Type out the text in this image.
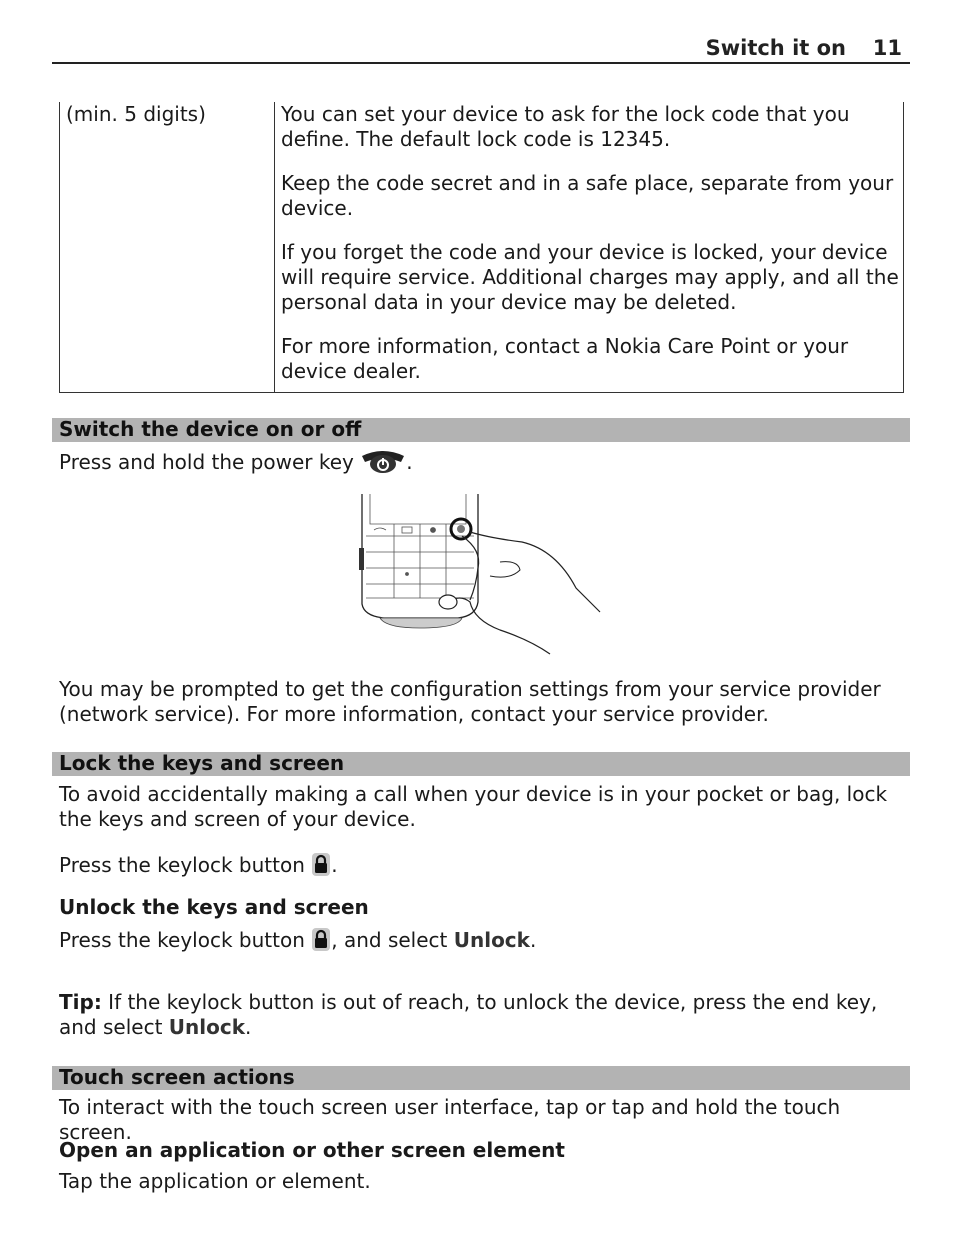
Switch it on 11

(min. 5 digits)	You can set your device to ask for the lock code that you define. The default lock code is 12345.

Keep the code secret and in a safe place, separate from your device.

If you forget the code and your device is locked, your device will require service. Additional charges may apply, and all the personal data in your device may be deleted.

For more information, contact a Nokia Care Point or your device dealer.

Switch the device on or off

Press and hold the power key	.

You may be prompted to get the configuration settings from your service provider (network service). For more information, contact your service provider.

Lock the keys and screen

To avoid accidentally making a call when your device is in your pocket or bag, lock the keys and screen of your device.

Press the keylock button .

Unlock the keys and screen

Press the keylock button , and select Unlock.

Tip: If the keylock button is out of reach, to unlock the device, press the end key, and select Unlock.

Touch screen actions

To interact with the touch screen user interface, tap or tap and hold the touch screen.

Open an application or other screen element

Tap the application or element.
